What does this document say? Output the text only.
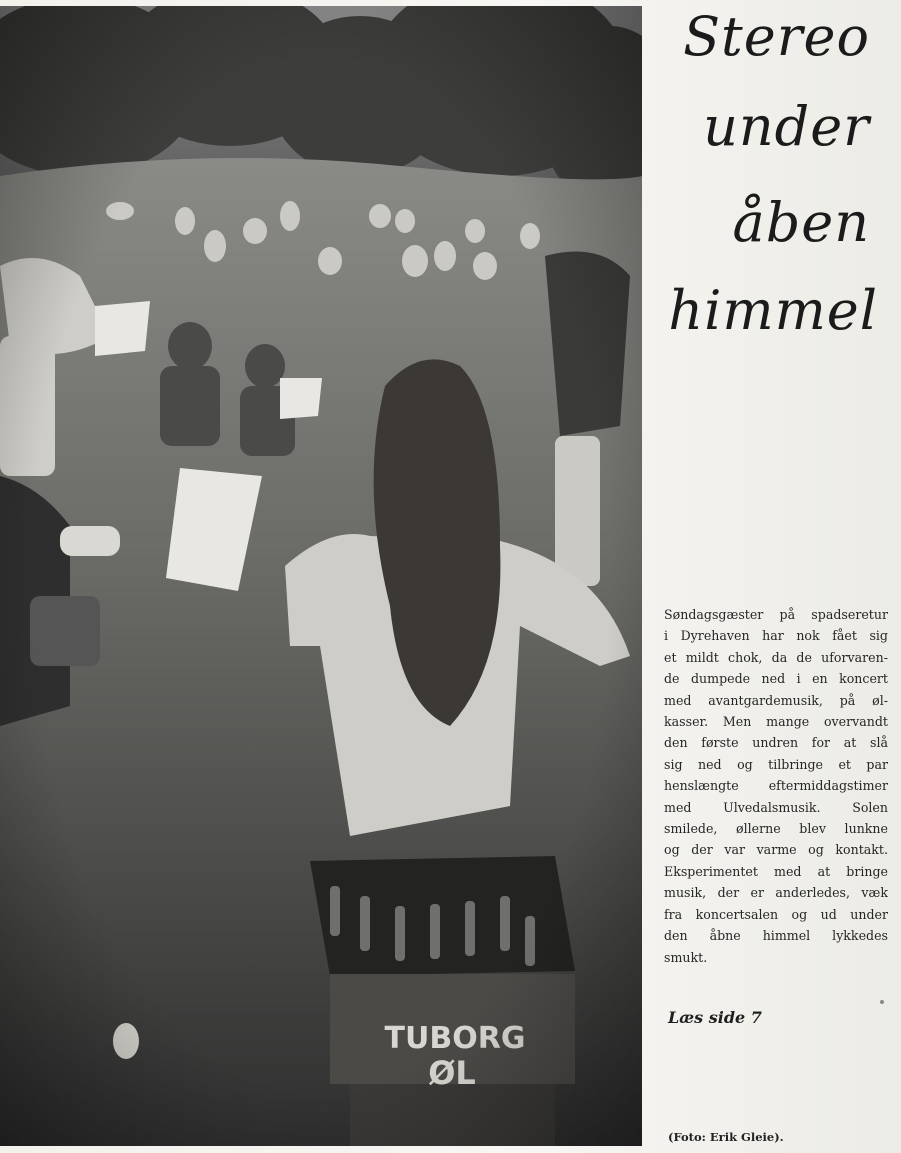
Stereo
under
åben
himmel
Søndagsgæster på spadseretur
i Dyrehaven har nok fået sig
et mildt chok, da de uforvaren-
de dumpede ned i en koncert
med avantgardemusik, på øl-
kasser. Men mange overvandt
den første undren for at slå
sig ned og tilbringe et par
henslængte eftermiddagstimer
med Ulvedalsmusik. Solen
smilede, øllerne blev lunkne
og der var varme og kontakt.
Eksperimentet med at bringe
musik, der er anderledes, væk
fra koncertsalen og ud under
den åbne himmel lykkedes
smukt.
Læs side 7
(Foto: Erik Gleie).
